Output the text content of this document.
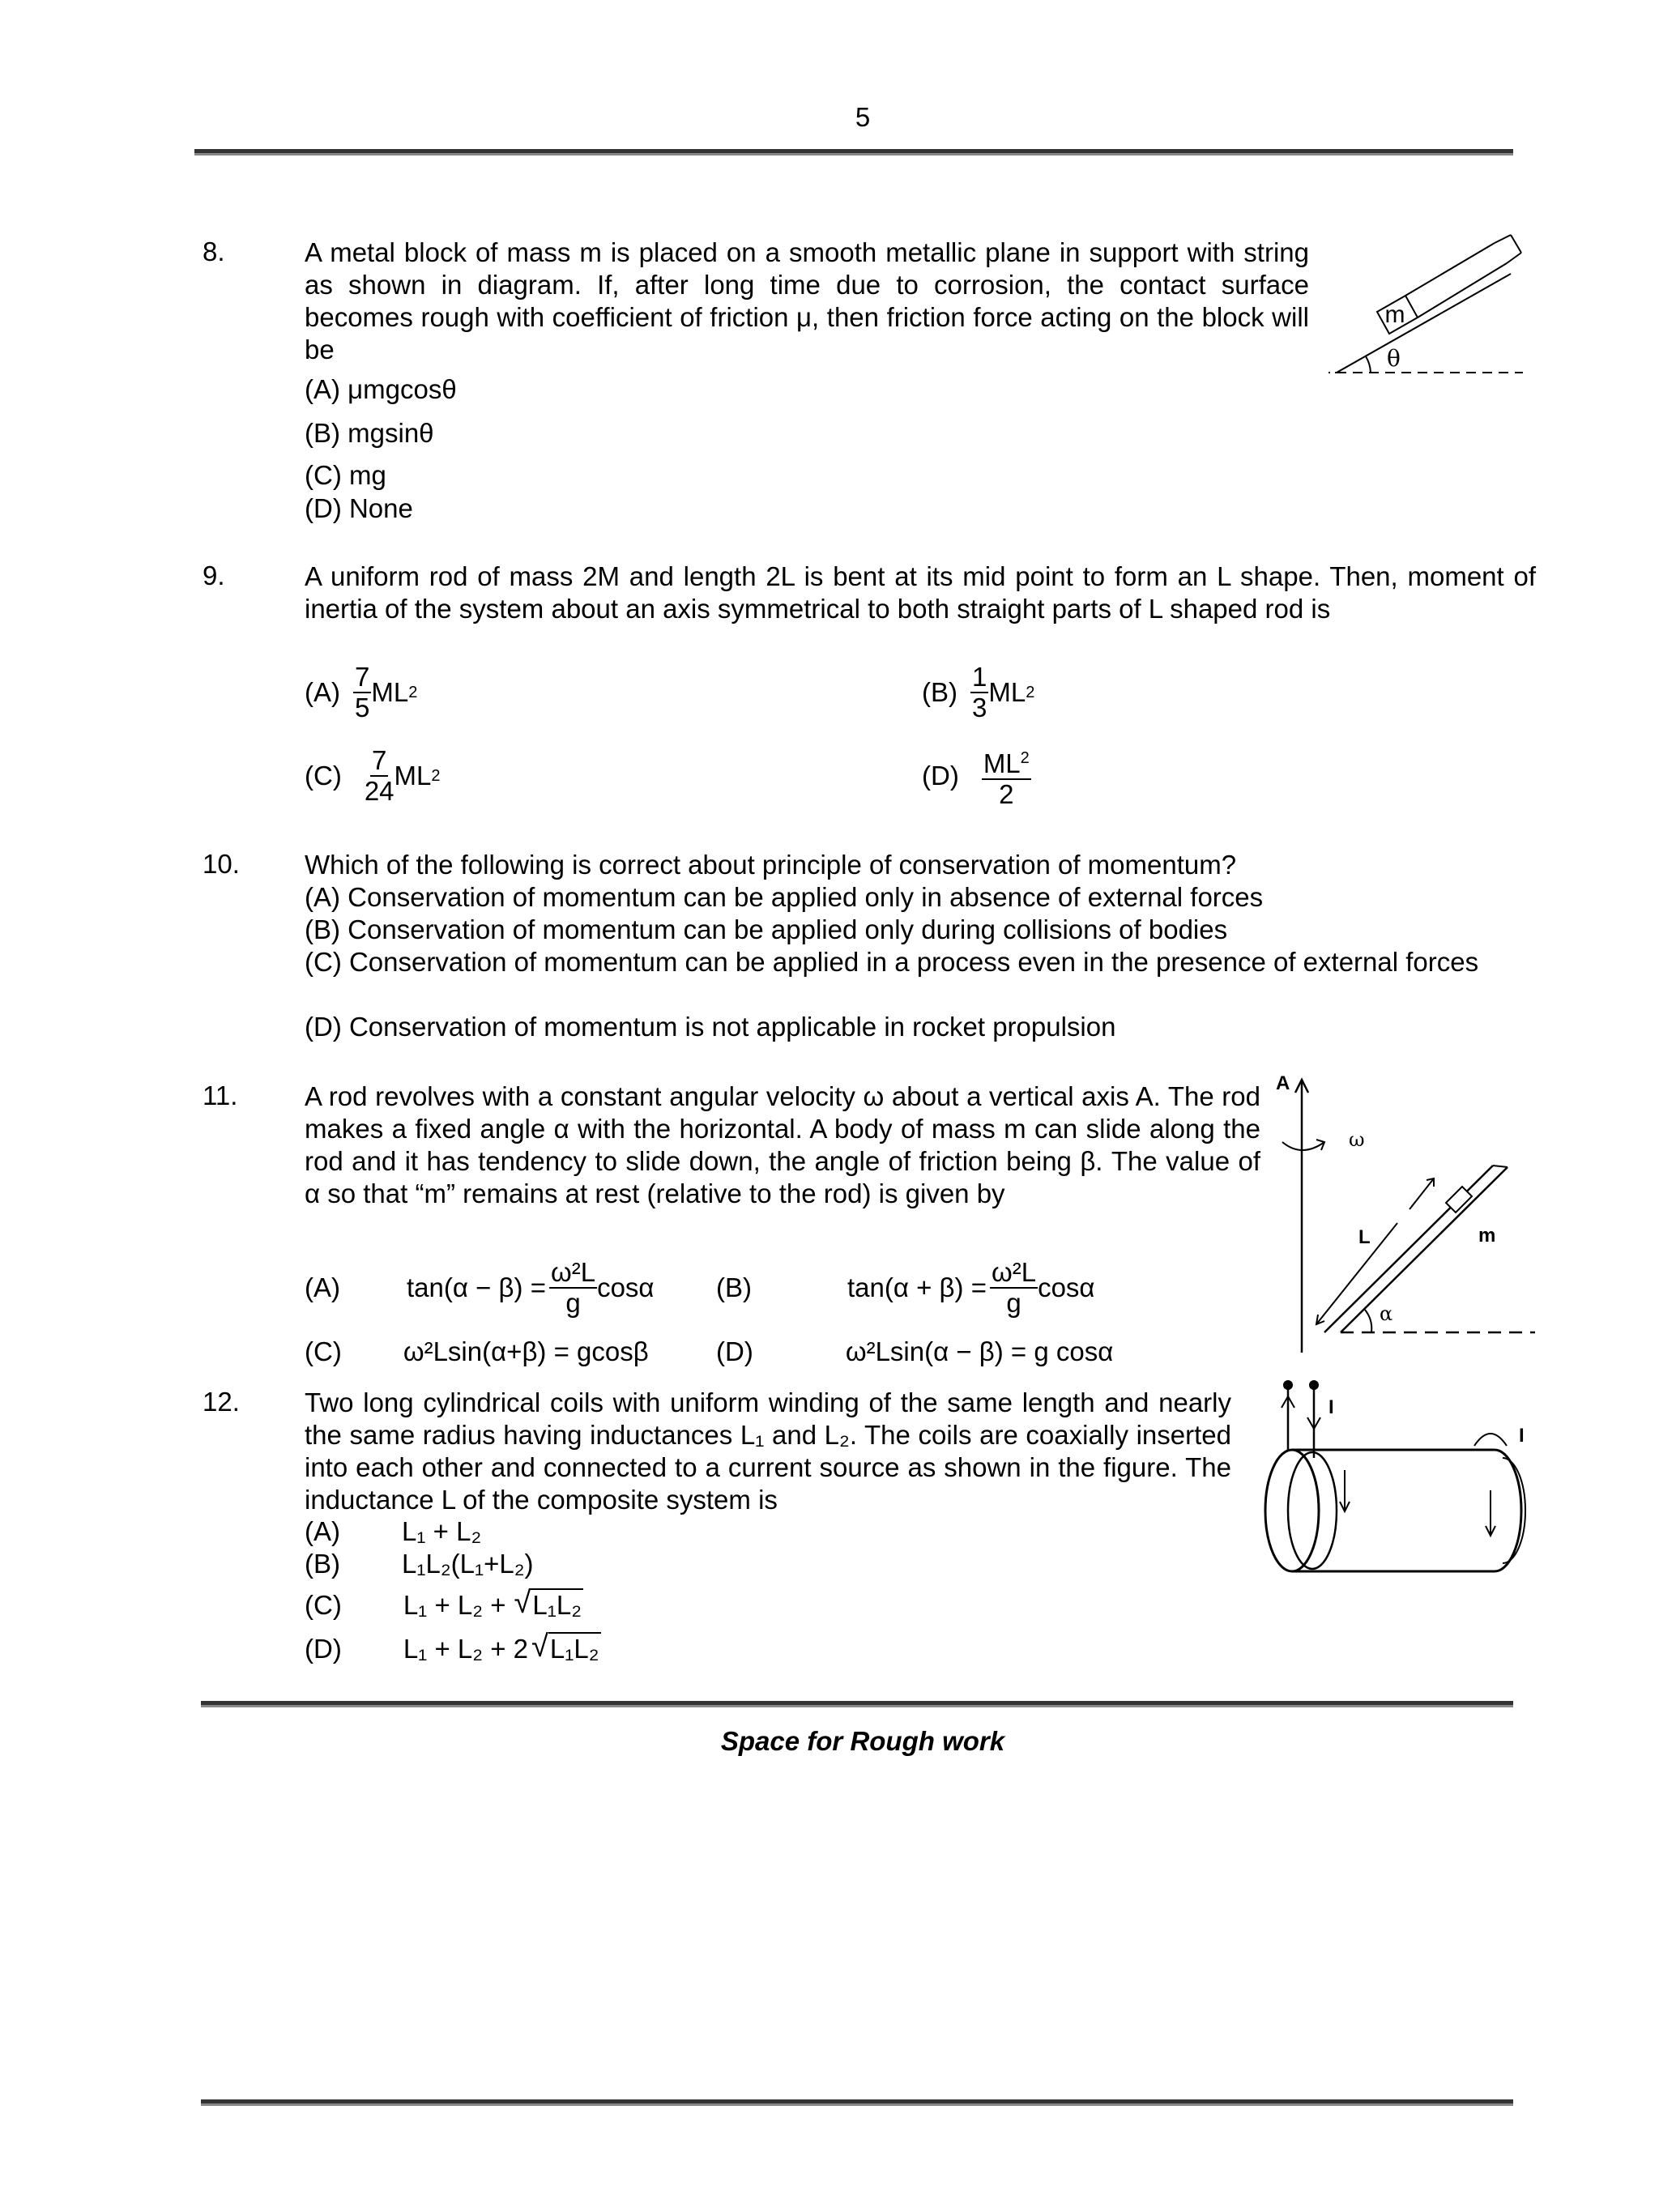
5
8.	A metal block of mass m is placed on a smooth metallic plane in support with string as shown in diagram. If, after long time due to corrosion, the contact surface becomes rough with coefficient of friction μ, then friction force acting on the block will be
(A) μmgcosθ
(B) mgsinθ
(C) mg
(D) None
m
θ
9.	A uniform rod of mass 2M and length 2L is bent at its mid point to form an L shape. Then, moment of inertia of the system about an axis symmetrical to both straight parts of L shaped rod is
$(A) \frac{7}{5}$ ML 2	$(B) \frac{1}{3}$ ML 2
$(C) \frac{7}{24}$ ML 2	$(D) \frac{ML^2}{2}$
10. Which of the following is correct about principle of conservation of momentum?
(A) Conservation of momentum can be applied only in absence of external forces
(B) Conservation of momentum can be applied only during collisions of bodies
(C) Conservation of momentum can be applied in a process even in the presence of external forces
(D) Conservation of momentum is not applicable in rocket propulsion
11.	A rod revolves with a constant angular velocity ω about a vertical axis A. The rod makes a fixed angle α with the horizontal. A body of mass m can slide along the rod and it has tendency to slide down, the angle of friction being β. The value of α so that “m” remains at rest (relative to the rod) is given by
(A) $\tan(\alpha - \beta) = \frac{\text{ω²L}}{g}$ cosα (B)	$\tan(\alpha + \beta) = \frac{\text{ω²L}}{g}$ cosα
(C) ω²Lsin(α+β) = gcosβ	(D)	ω²Lsin(α − β) = g cosα
A
ω
m
L
α
12. Two long cylindrical coils with uniform winding of the same length and nearly the same radius having inductances L₁ and L₂. The coils are coaxially inserted into each other and connected to a current source as shown in the figure. The inductance L of the composite system is
(A) L₁ + L₂
(B) L₁L₂(L₁+L₂)
(C) L₁ + L₂ + √ L₁L₂
(D) L₁ + L₂ + 2 √ L₁L₂
I
I
Space for Rough work
